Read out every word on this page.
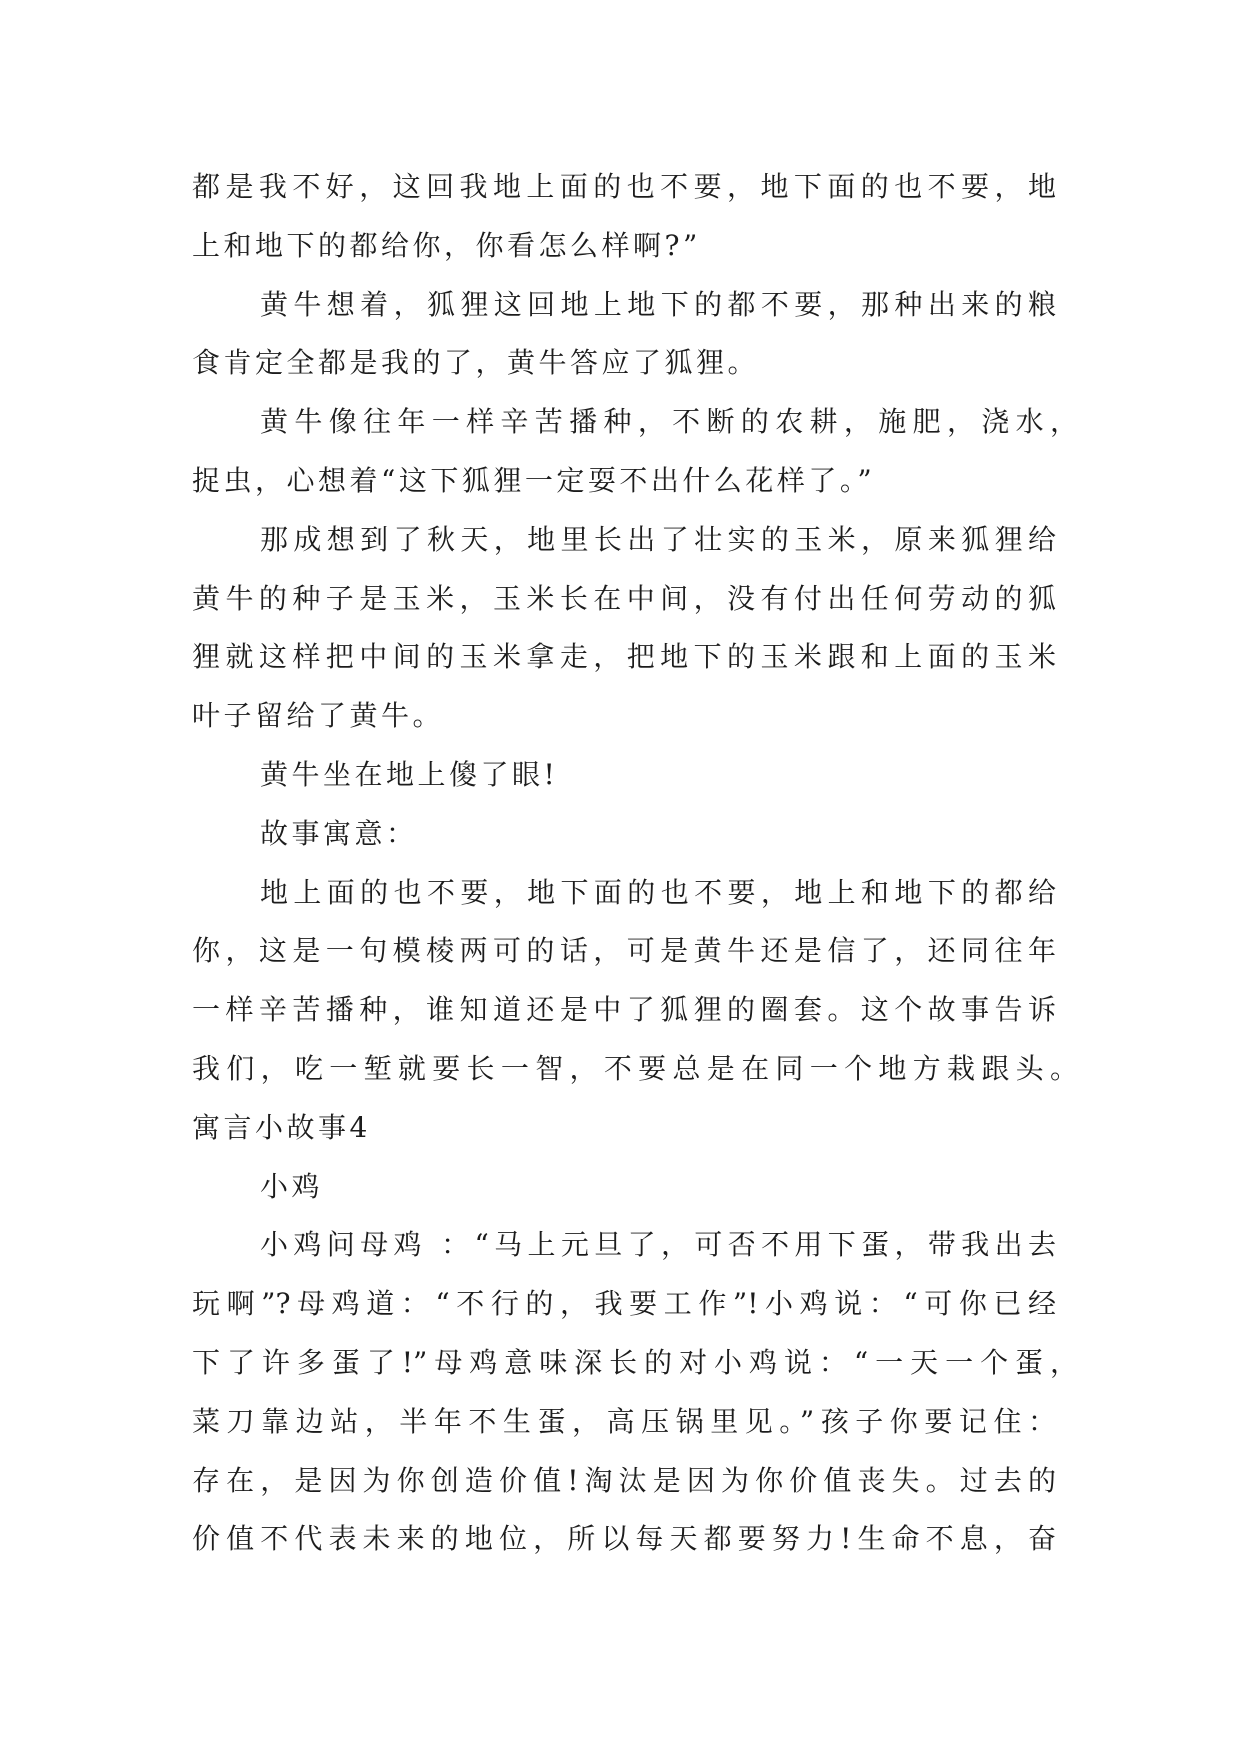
都是我不好，这回我地上面的也不要，地下面的也不要，地
上和地下的都给你，你看怎么样啊?”
黄牛想着，狐狸这回地上地下的都不要，那种出来的粮
食肯定全都是我的了，黄牛答应了狐狸。
黄牛像往年一样辛苦播种，不断的农耕，施肥，浇水，
捉虫，心想着“这下狐狸一定耍不出什么花样了。”
那成想到了秋天，地里长出了壮实的玉米，原来狐狸给
黄牛的种子是玉米，玉米长在中间，没有付出任何劳动的狐
狸就这样把中间的玉米拿走，把地下的玉米跟和上面的玉米
叶子留给了黄牛。
黄牛坐在地上傻了眼!
故事寓意：
地上面的也不要，地下面的也不要，地上和地下的都给
你，这是一句模棱两可的话，可是黄牛还是信了，还同往年
一样辛苦播种，谁知道还是中了狐狸的圈套。这个故事告诉
我们，吃一堑就要长一智，不要总是在同一个地方栽跟头。
寓言小故事4
小鸡
小鸡问母鸡 ：“马上元旦了，可否不用下蛋，带我出去
玩啊”?母鸡道：“不行的，我要工作”!小鸡说：“可你已经
下了许多蛋了!”母鸡意味深长的对小鸡说：“一天一个蛋，
菜刀靠边站，半年不生蛋，高压锅里见。”孩子你要记住：
存在，是因为你创造价值!淘汰是因为你价值丧失。过去的
价值不代表未来的地位，所以每天都要努力!生命不息，奋
